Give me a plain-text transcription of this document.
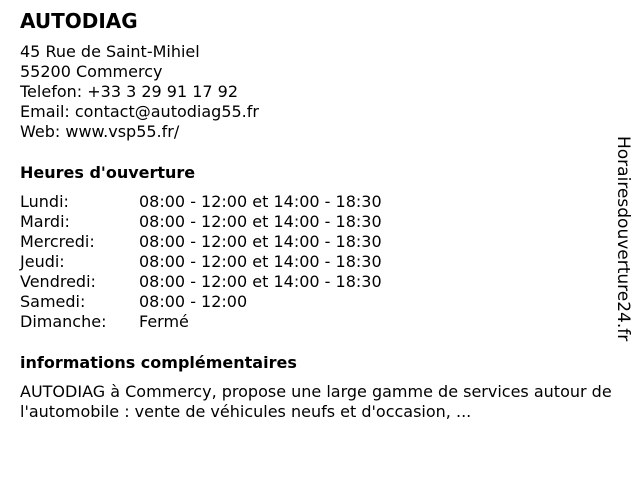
AUTODIAG
45 Rue de Saint-Mihiel
55200 Commercy
Telefon: +33 3 29 91 17 92
Email: contact@autodiag55.fr
Web: www.vsp55.fr/
Heures d'ouverture
Lundi:	08:00 - 12:00 et 14:00 - 18:30
Mardi:	08:00 - 12:00 et 14:00 - 18:30
Mercredi:	08:00 - 12:00 et 14:00 - 18:30
Jeudi:	08:00 - 12:00 et 14:00 - 18:30
Vendredi:	08:00 - 12:00 et 14:00 - 18:30
Samedi:	08:00 - 12:00
Dimanche:	Fermé
informations complémentaires
AUTODIAG à Commercy, propose une large gamme de services autour de l'automobile : vente de véhicules neufs et d'occasion, ...
Horairesdouverture24.fr
